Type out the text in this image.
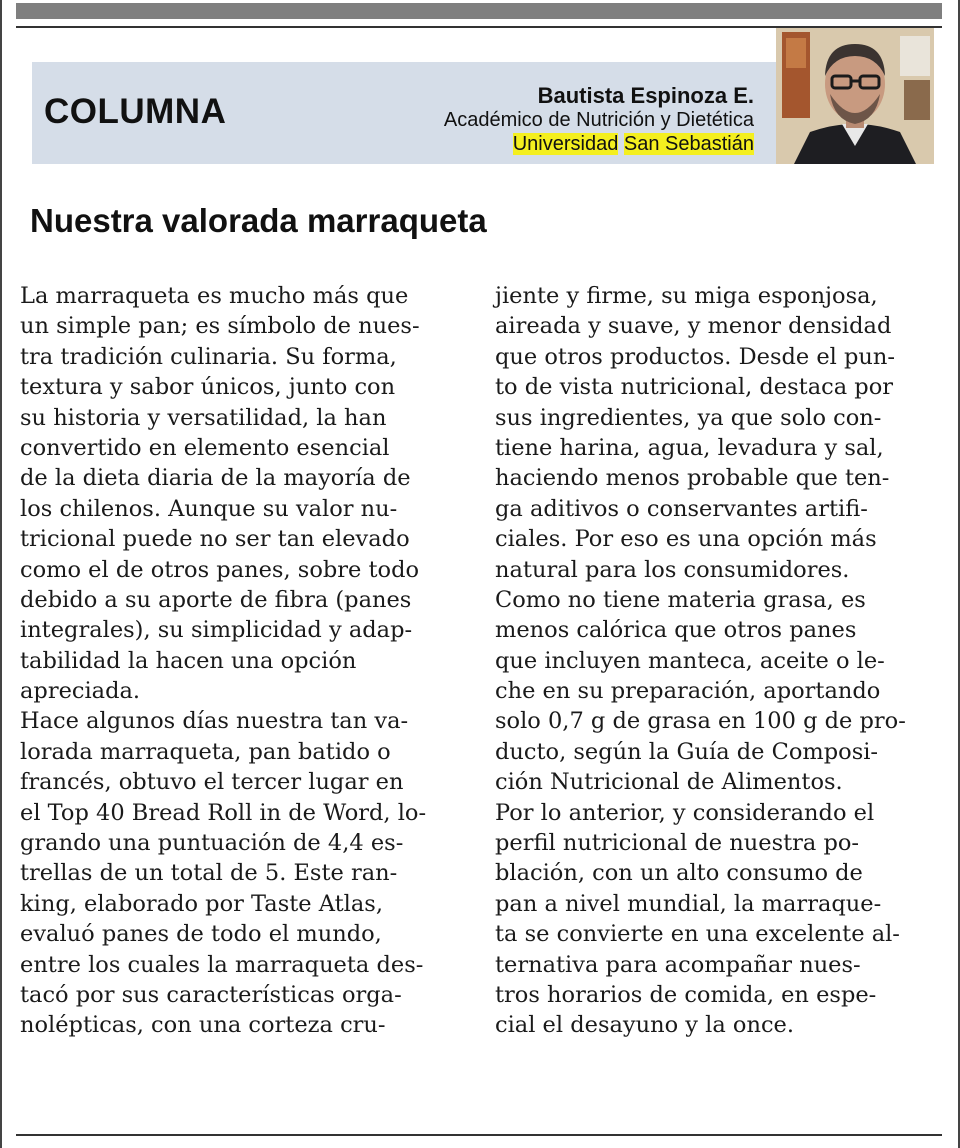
COLUMNA	Bautista Espinoza E.
Académico de Nutrición y Dietética
Universidad San Sebastián
Nuestra valorada marraqueta
La marraqueta es mucho más que
un simple pan; es símbolo de nues-
tra tradición culinaria. Su forma,
textura y sabor únicos, junto con
su historia y versatilidad, la han
convertido en elemento esencial
de la dieta diaria de la mayoría de
los chilenos. Aunque su valor nu-
tricional puede no ser tan elevado
como el de otros panes, sobre todo
debido a su aporte de fibra (panes
integrales), su simplicidad y adap-
tabilidad la hacen una opción
apreciada.
Hace algunos días nuestra tan va-
lorada marraqueta, pan batido o
francés, obtuvo el tercer lugar en
el Top 40 Bread Roll in de Word, lo-
grando una puntuación de 4,4 es-
trellas de un total de 5. Este ran-
king, elaborado por Taste Atlas,
evaluó panes de todo el mundo,
entre los cuales la marraqueta des-
tacó por sus características orga-
nolépticas, con una corteza cru-
jiente y firme, su miga esponjosa,
aireada y suave, y menor densidad
que otros productos. Desde el pun-
to de vista nutricional, destaca por
sus ingredientes, ya que solo con-
tiene harina, agua, levadura y sal,
haciendo menos probable que ten-
ga aditivos o conservantes artifi-
ciales. Por eso es una opción más
natural para los consumidores.
Como no tiene materia grasa, es
menos calórica que otros panes
que incluyen manteca, aceite o le-
che en su preparación, aportando
solo 0,7 g de grasa en 100 g de pro-
ducto, según la Guía de Composi-
ción Nutricional de Alimentos.
Por lo anterior, y considerando el
perfil nutricional de nuestra po-
blación, con un alto consumo de
pan a nivel mundial, la marraque-
ta se convierte en una excelente al-
ternativa para acompañar nues-
tros horarios de comida, en espe-
cial el desayuno y la once.
